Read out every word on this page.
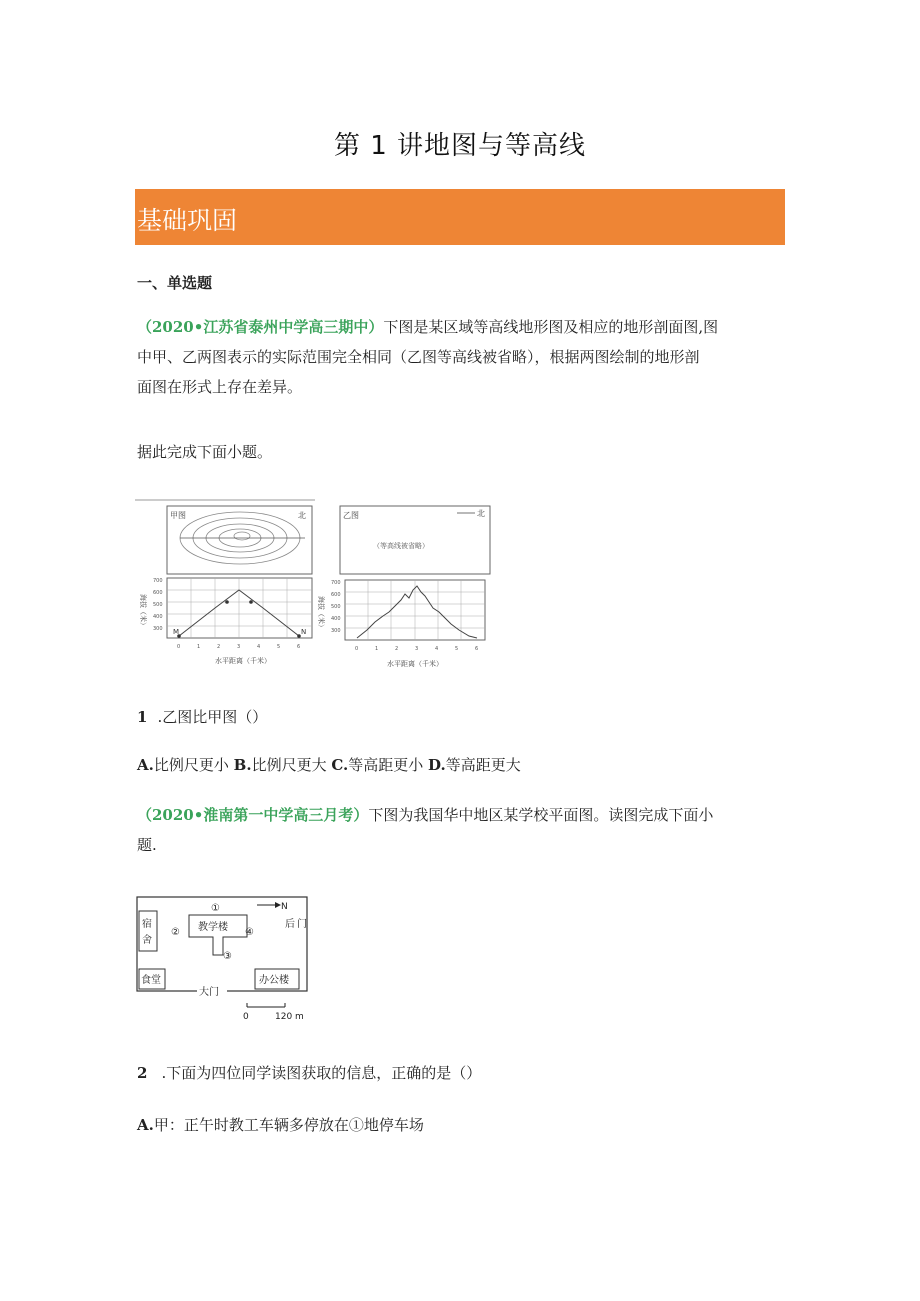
第 1 讲地图与等高线
基础巩固
一、单选题
（2020•江苏省泰州中学高三期中）下图是某区域等高线地形图及相应的地形剖面图,图
中甲、乙两图表示的实际范围完全相同（乙图等高线被省略），根据两图绘制的地形剖
面图在形式上存在差异。
据此完成下面小题。
甲图	北
M	N
海拔（米）
700
600
500
400
300
0	1	2	3	4	5	6
水平距离（千米）
乙图	北
（等高线被省略）
海拔（米）
700
600
500
400
300
0	1	2	3	4	5	6
水平距离（千米）
1 .乙图比甲图（）
A.比例尺更小 B.比例尺更大 C.等高距更小 D.等高距更大
（2020•淮南第一中学高三月考）下图为我国华中地区某学校平面图。读图完成下面小
题.
宿
舍
教学楼
①
②
③
④
N
后 门
食堂	办公楼
大门
0	120 m
2 .下面为四位同学读图获取的信息，正确的是（）
A.甲：正午时教工车辆多停放在①地停车场
